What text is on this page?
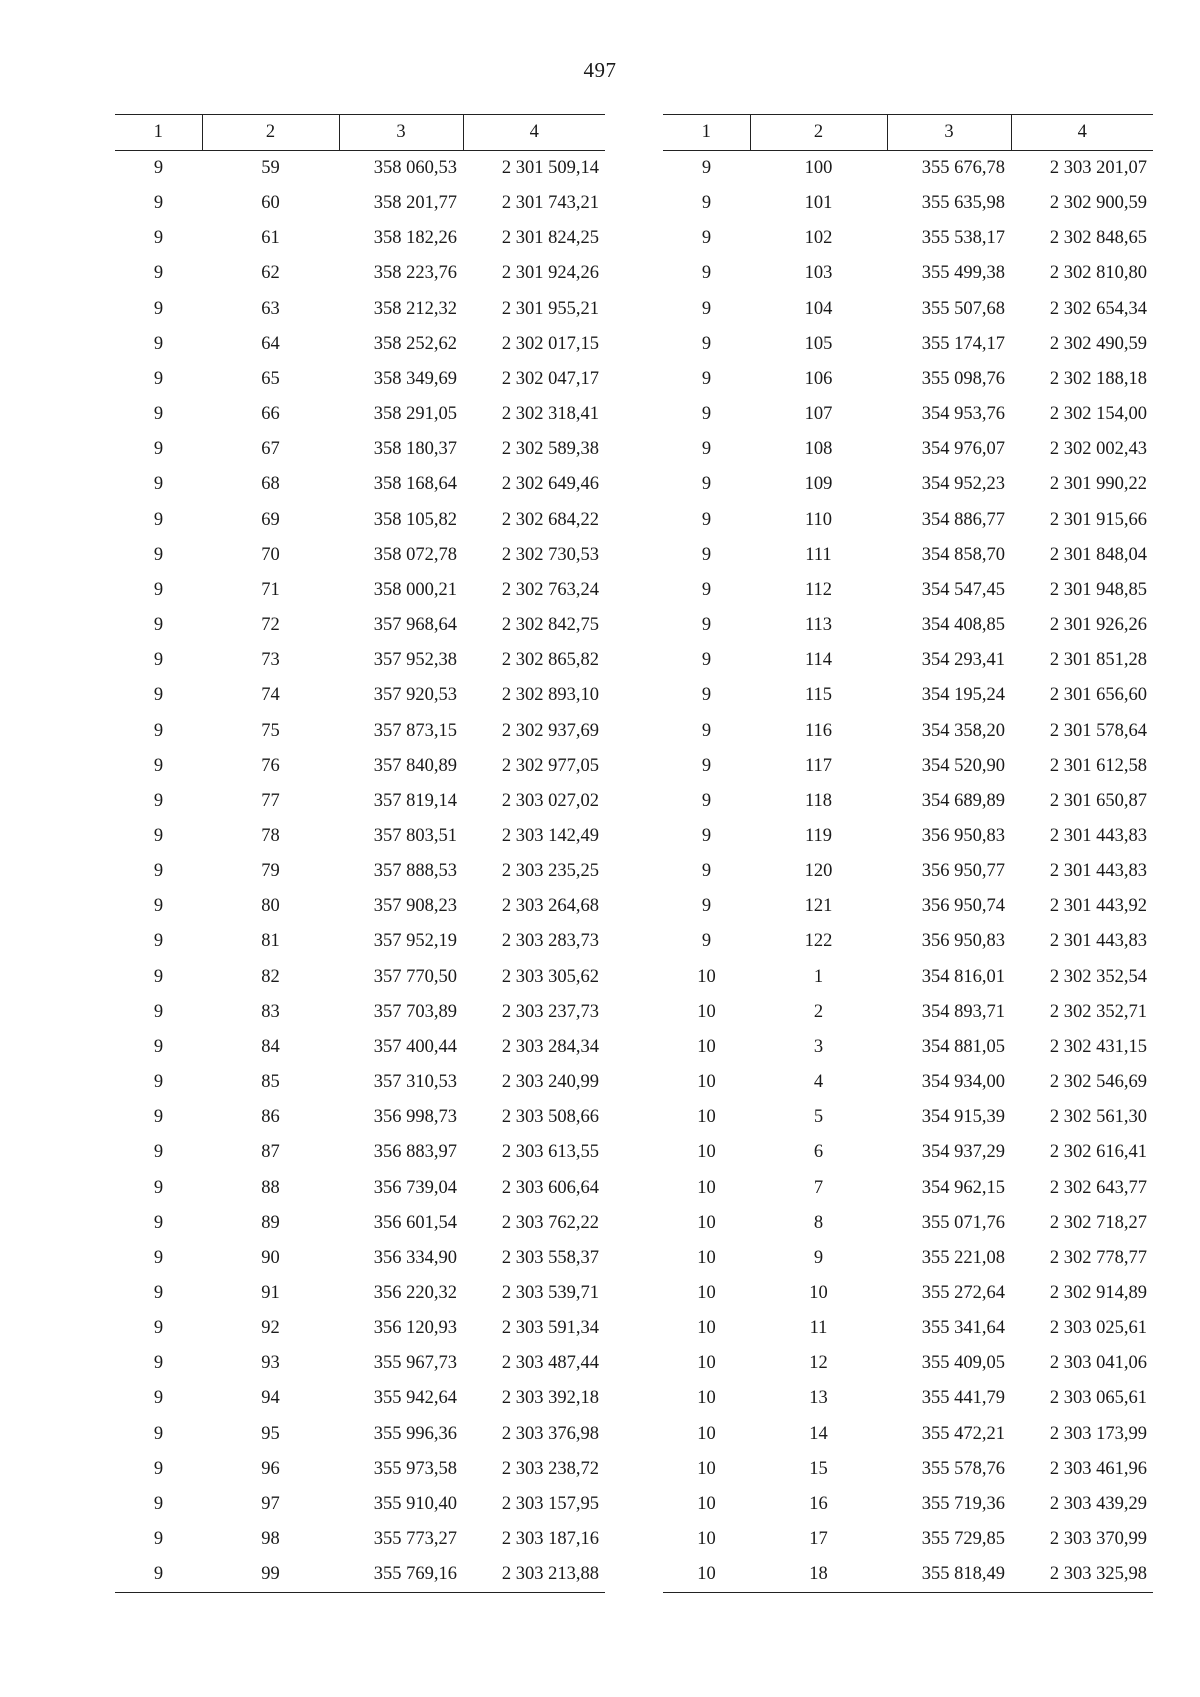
497
1	2	3	4
9	59	358 060,53	2 301 509,14
9	60	358 201,77	2 301 743,21
9	61	358 182,26	2 301 824,25
9	62	358 223,76	2 301 924,26
9	63	358 212,32	2 301 955,21
9	64	358 252,62	2 302 017,15
9	65	358 349,69	2 302 047,17
9	66	358 291,05	2 302 318,41
9	67	358 180,37	2 302 589,38
9	68	358 168,64	2 302 649,46
9	69	358 105,82	2 302 684,22
9	70	358 072,78	2 302 730,53
9	71	358 000,21	2 302 763,24
9	72	357 968,64	2 302 842,75
9	73	357 952,38	2 302 865,82
9	74	357 920,53	2 302 893,10
9	75	357 873,15	2 302 937,69
9	76	357 840,89	2 302 977,05
9	77	357 819,14	2 303 027,02
9	78	357 803,51	2 303 142,49
9	79	357 888,53	2 303 235,25
9	80	357 908,23	2 303 264,68
9	81	357 952,19	2 303 283,73
9	82	357 770,50	2 303 305,62
9	83	357 703,89	2 303 237,73
9	84	357 400,44	2 303 284,34
9	85	357 310,53	2 303 240,99
9	86	356 998,73	2 303 508,66
9	87	356 883,97	2 303 613,55
9	88	356 739,04	2 303 606,64
9	89	356 601,54	2 303 762,22
9	90	356 334,90	2 303 558,37
9	91	356 220,32	2 303 539,71
9	92	356 120,93	2 303 591,34
9	93	355 967,73	2 303 487,44
9	94	355 942,64	2 303 392,18
9	95	355 996,36	2 303 376,98
9	96	355 973,58	2 303 238,72
9	97	355 910,40	2 303 157,95
9	98	355 773,27	2 303 187,16
9	99	355 769,16	2 303 213,88
1	2	3	4
9	100	355 676,78	2 303 201,07
9	101	355 635,98	2 302 900,59
9	102	355 538,17	2 302 848,65
9	103	355 499,38	2 302 810,80
9	104	355 507,68	2 302 654,34
9	105	355 174,17	2 302 490,59
9	106	355 098,76	2 302 188,18
9	107	354 953,76	2 302 154,00
9	108	354 976,07	2 302 002,43
9	109	354 952,23	2 301 990,22
9	110	354 886,77	2 301 915,66
9	111	354 858,70	2 301 848,04
9	112	354 547,45	2 301 948,85
9	113	354 408,85	2 301 926,26
9	114	354 293,41	2 301 851,28
9	115	354 195,24	2 301 656,60
9	116	354 358,20	2 301 578,64
9	117	354 520,90	2 301 612,58
9	118	354 689,89	2 301 650,87
9	119	356 950,83	2 301 443,83
9	120	356 950,77	2 301 443,83
9	121	356 950,74	2 301 443,92
9	122	356 950,83	2 301 443,83
10	1	354 816,01	2 302 352,54
10	2	354 893,71	2 302 352,71
10	3	354 881,05	2 302 431,15
10	4	354 934,00	2 302 546,69
10	5	354 915,39	2 302 561,30
10	6	354 937,29	2 302 616,41
10	7	354 962,15	2 302 643,77
10	8	355 071,76	2 302 718,27
10	9	355 221,08	2 302 778,77
10	10	355 272,64	2 302 914,89
10	11	355 341,64	2 303 025,61
10	12	355 409,05	2 303 041,06
10	13	355 441,79	2 303 065,61
10	14	355 472,21	2 303 173,99
10	15	355 578,76	2 303 461,96
10	16	355 719,36	2 303 439,29
10	17	355 729,85	2 303 370,99
10	18	355 818,49	2 303 325,98
